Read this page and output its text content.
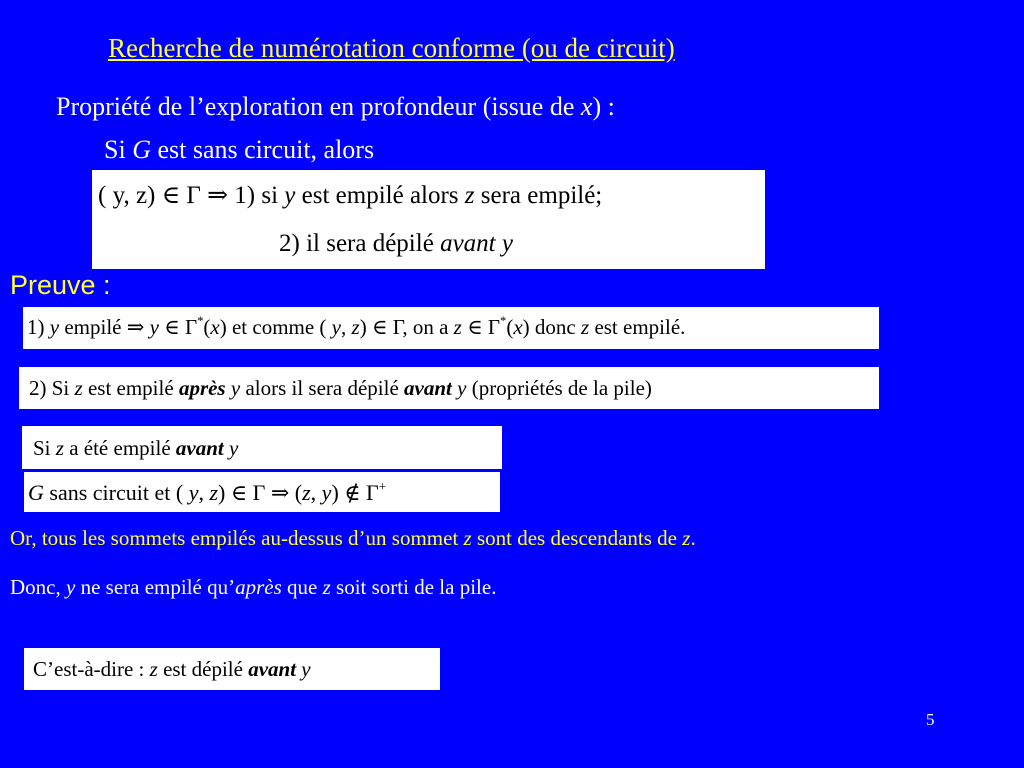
Recherche de numérotation conforme (ou de circuit)
Propriété de l’exploration en profondeur (issue de x) :
Si G est sans circuit, alors
( y, z) ∈ Γ ⇒ 1) si y est empilé alors z sera empilé;
2) il sera dépilé avant y
Preuve :
1) y empilé ⇒ y ∈ Γ*(x) et comme ( y, z) ∈ Γ, on a z ∈ Γ*(x) donc z est empilé.
2) Si z est empilé après y alors il sera dépilé avant y (propriétés de la pile)
Si z a été empilé avant y
G sans circuit et ( y, z) ∈ Γ ⇒ (z, y) ∉ Γ+
Or, tous les sommets empilés au-dessus d’un sommet z sont des descendants de z.
Donc, y ne sera empilé qu’après que z soit sorti de la pile.
C’est-à-dire : z est dépilé avant y
5
